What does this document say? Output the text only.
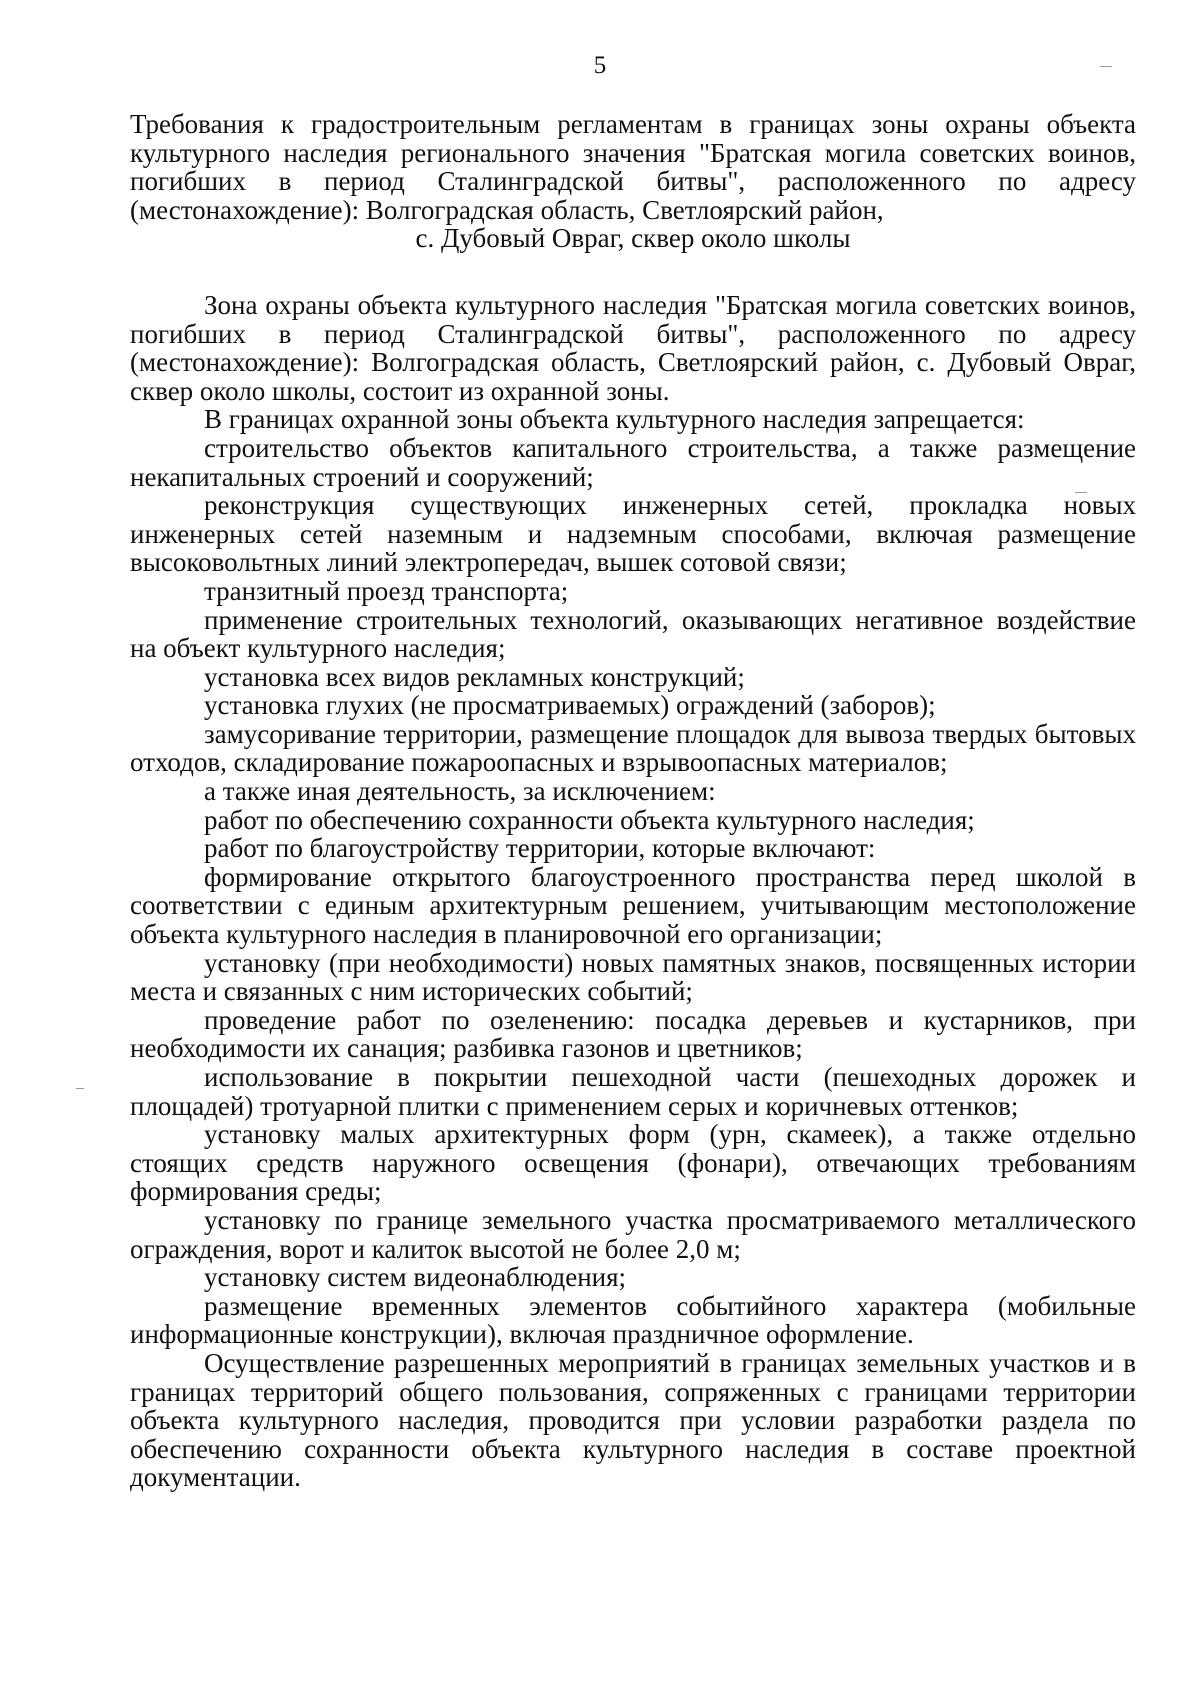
5

Требования к градостроительным регламентам в границах зоны охраны объекта культурного наследия регионального значения "Братская могила советских воинов, погибших в период Сталинградской битвы", расположенного по адресу (местонахождение): Волгоградская область, Светлоярский район,
с. Дубовый Овраг, сквер около школы

Зона охраны объекта культурного наследия "Братская могила советских воинов, погибших в период Сталинградской битвы", расположенного по адресу (местонахождение): Волгоградская область, Светлоярский район, с. Дубовый Овраг, сквер около школы, состоит из охранной зоны.

В границах охранной зоны объекта культурного наследия запрещается:

строительство объектов капитального строительства, а также размещение некапитальных строений и сооружений;

реконструкция существующих инженерных сетей, прокладка новых инженерных сетей наземным и надземным способами, включая размещение высоковольтных линий электропередач, вышек сотовой связи;

транзитный проезд транспорта;

применение строительных технологий, оказывающих негативное воздействие на объект культурного наследия;

установка всех видов рекламных конструкций;

установка глухих (не просматриваемых) ограждений (заборов);

замусоривание территории, размещение площадок для вывоза твердых бытовых отходов, складирование пожароопасных и взрывоопасных материалов;

а также иная деятельность, за исключением:

работ по обеспечению сохранности объекта культурного наследия;

работ по благоустройству территории, которые включают:

формирование открытого благоустроенного пространства перед школой в соответствии с единым архитектурным решением, учитывающим местоположение объекта культурного наследия в планировочной его организации;

установку (при необходимости) новых памятных знаков, посвященных истории места и связанных с ним исторических событий;

проведение работ по озеленению: посадка деревьев и кустарников, при необходимости их санация; разбивка газонов и цветников;

использование в покрытии пешеходной части (пешеходных дорожек и площадей) тротуарной плитки с применением серых и коричневых оттенков;

установку малых архитектурных форм (урн, скамеек), а также отдельно стоящих средств наружного освещения (фонари), отвечающих требованиям формирования среды;

установку по границе земельного участка просматриваемого металлического ограждения, ворот и калиток высотой не более 2,0 м;

установку систем видеонаблюдения;

размещение временных элементов событийного характера (мобильные информационные конструкции), включая праздничное оформление.

Осуществление разрешенных мероприятий в границах земельных участков и в границах территорий общего пользования, сопряженных с границами территории объекта культурного наследия, проводится при условии разработки раздела по обеспечению сохранности объекта культурного наследия в составе проектной документации.
